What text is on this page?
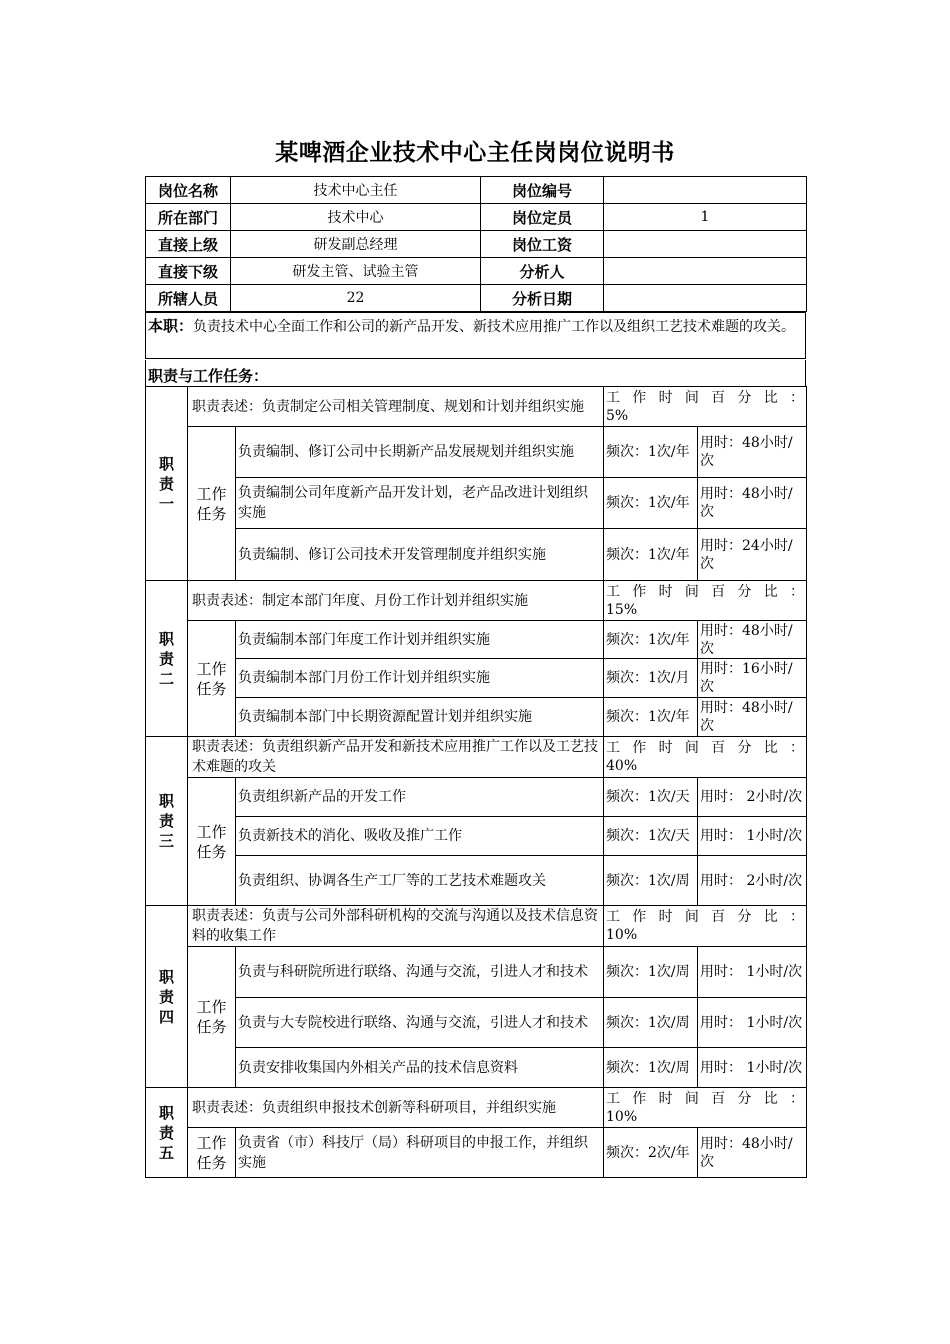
某啤酒企业技术中心主任岗岗位说明书
岗位名称	技术中心主任	岗位编号	
所在部门	技术中心	岗位定员	1
直接上级	研发副总经理	岗位工资	
直接下级	研发主管、试验主管	分析人	
所辖人员	22	分析日期	
本职：负责技术中心全面工作和公司的新产品开发、新技术应用推广工作以及组织工艺技术难题的攻关。
职责与工作任务：
职责一	职责表述：负责制定公司相关管理制度、规划和计划并组织实施		工作时间百分比：
5%	
	工作任务	负责编制、修订公司中长期新产品发展规划并组织实施	频次：1次/年	用时：48小时/次
		负责编制公司年度新产品开发计划，老产品改进计划组织实施	频次：1次/年	用时：48小时/次
		负责编制、修订公司技术开发管理制度并组织实施	频次：1次/年	用时：24小时/次
职责二	职责表述：制定本部门年度、月份工作计划并组织实施		工作时间百分比：
15%	
	工作任务	负责编制本部门年度工作计划并组织实施	频次：1次/年	用时：48小时/次
		负责编制本部门月份工作计划并组织实施	频次：1次/月	用时：16小时/次
		负责编制本部门中长期资源配置计划并组织实施	频次：1次/年	用时：48小时/次
职责三	职责表述：负责组织新产品开发和新技术应用推广工作以及工艺技术难题的攻关		工作时间百分比：
40%	
	工作任务	负责组织新产品的开发工作	频次：1次/天	用时： 2小时/次
		负责新技术的消化、吸收及推广工作	频次：1次/天	用时： 1小时/次
		负责组织、协调各生产工厂等的工艺技术难题攻关	频次：1次/周	用时： 2小时/次
职责四	职责表述：负责与公司外部科研机构的交流与沟通以及技术信息资料的收集工作		工作时间百分比：
10%	
	工作任务	负责与科研院所进行联络、沟通与交流，引进人才和技术	频次：1次/周	用时： 1小时/次
		负责与大专院校进行联络、沟通与交流，引进人才和技术	频次：1次/周	用时： 1小时/次
		负责安排收集国内外相关产品的技术信息资料	频次：1次/周	用时： 1小时/次
职责五	职责表述：负责组织申报技术创新等科研项目，并组织实施		工作时间百分比：
10%	
	工作任务	负责省（市）科技厅（局）科研项目的申报工作，并组织实施	频次：2次/年	用时：48小时/次
